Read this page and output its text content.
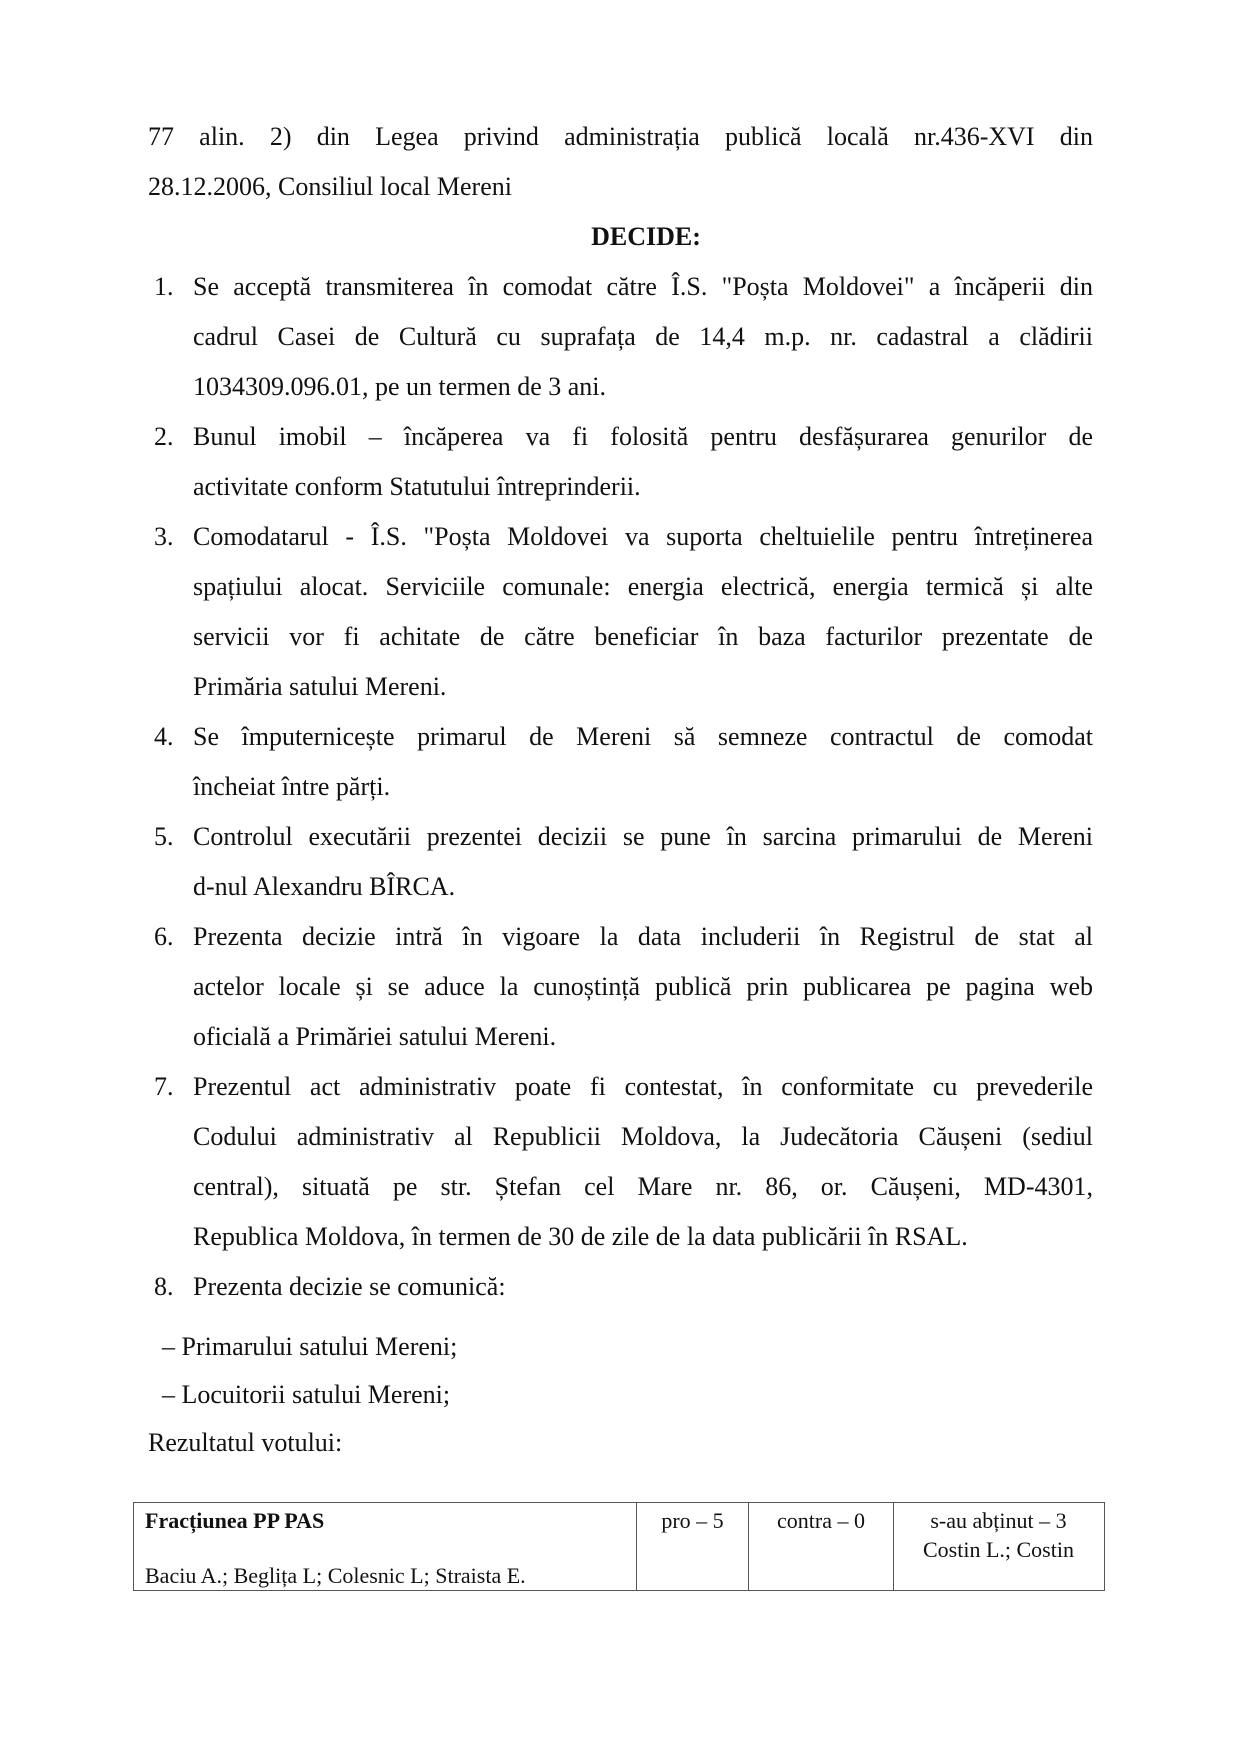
77 alin. 2) din Legea privind administrația publică locală nr.436-XVI din
28.12.2006, Consiliul local Mereni
DECIDE:
1. Se acceptă transmiterea în comodat către Î.S. "Poșta Moldovei" a încăperii din
cadrul Casei de Cultură cu suprafața de 14,4 m.p. nr. cadastral a clădirii
1034309.096.01, pe un termen de 3 ani.
2. Bunul imobil – încăperea va fi folosită pentru desfășurarea genurilor de
activitate conform Statutului întreprinderii.
3. Comodatarul - Î.S. "Poșta Moldovei va suporta cheltuielile pentru întreținerea
spațiului alocat. Serviciile comunale: energia electrică, energia termică și alte
servicii vor fi achitate de către beneficiar în baza facturilor prezentate de
Primăria satului Mereni.
4. Se împuternicește primarul de Mereni să semneze contractul de comodat
încheiat între părți.
5. Controlul executării prezentei decizii se pune în sarcina primarului de Mereni
d-nul Alexandru BÎRCA.
6. Prezenta decizie intră în vigoare la data includerii în Registrul de stat al
actelor locale și se aduce la cunoștință publică prin publicarea pe pagina web
oficială a Primăriei satului Mereni.
7. Prezentul act administrativ poate fi contestat, în conformitate cu prevederile
Codului administrativ al Republicii Moldova, la Judecătoria Căușeni (sediul
central), situată pe str. Ștefan cel Mare nr. 86, or. Căușeni, MD-4301,
Republica Moldova, în termen de 30 de zile de la data publicării în RSAL.
8. Prezenta decizie se comunică:
– Primarului satului Mereni;
– Locuitorii satului Mereni;
Rezultatul votului:
Fracțiunea PP PAS
Baciu A.; Beglița L; Colesnic L; Straista E.
pro – 5	contra – 0	s-au abținut – 3
Costin L.; Costin
